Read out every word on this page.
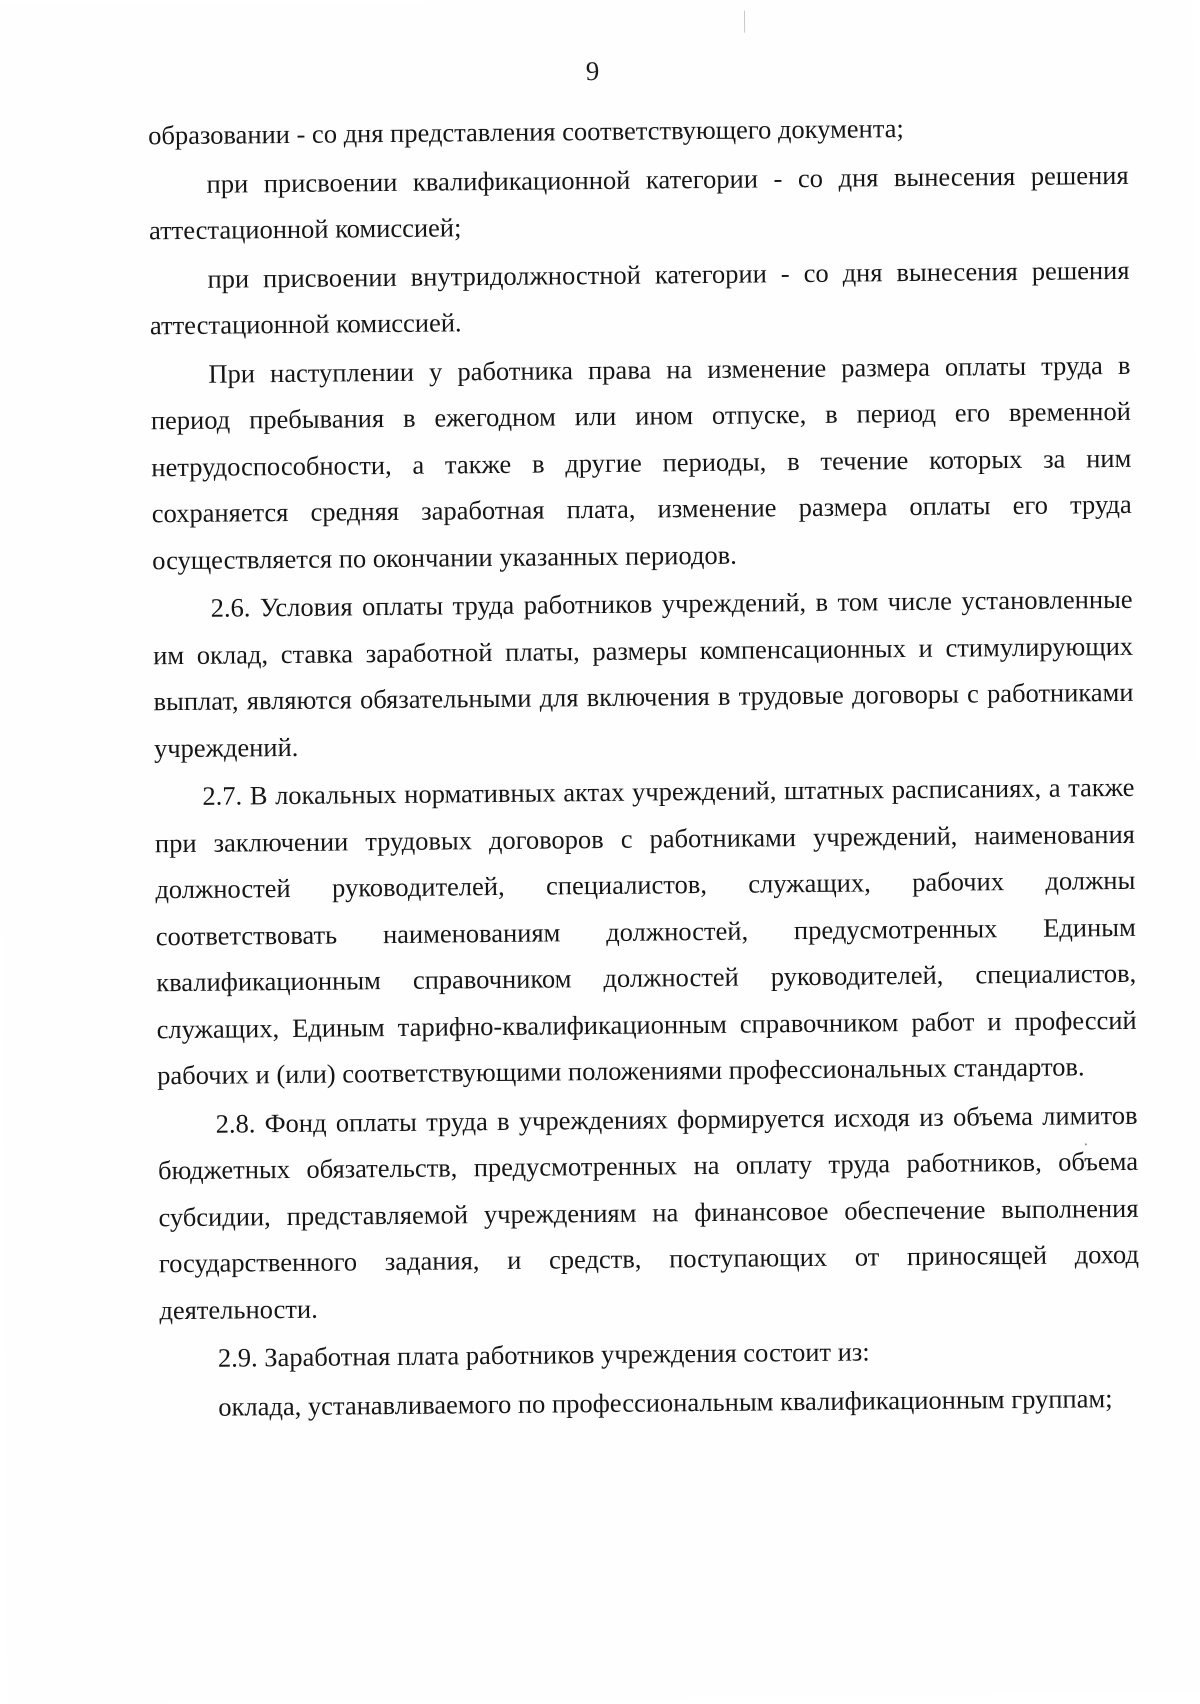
9

образовании - со дня представления соответствующего документа;

при присвоении квалификационной категории - со дня вынесения решения аттестационной комиссией;

при присвоении внутридолжностной категории - со дня вынесения решения аттестационной комиссией.

При наступлении у работника права на изменение размера оплаты труда в период пребывания в ежегодном или ином отпуске, в период его временной нетрудоспособности, а также в другие периоды, в течение которых за ним сохраняется средняя заработная плата, изменение размера оплаты его труда осуществляется по окончании указанных периодов.

2.6. Условия оплаты труда работников учреждений, в том числе установленные им оклад, ставка заработной платы, размеры компенсационных и стимулирующих выплат, являются обязательными для включения в трудовые договоры с работниками учреждений.

2.7. В локальных нормативных актах учреждений, штатных расписаниях, а также при заключении трудовых договоров с работниками учреждений, наименования должностей руководителей, специалистов, служащих, рабочих должны соответствовать наименованиям должностей, предусмотренных Единым квалификационным справочником должностей руководителей, специалистов, служащих, Единым тарифно-квалификационным справочником работ и профессий рабочих и (или) соответствующими положениями профессиональных стандартов.

2.8. Фонд оплаты труда в учреждениях формируется исходя из объема лимитов бюджетных обязательств, предусмотренных на оплату труда работников, объема субсидии, представляемой учреждениям на финансовое обеспечение выполнения государственного задания, и средств, поступающих от приносящей доход деятельности.

2.9. Заработная плата работников учреждения состоит из:

оклада, устанавливаемого по профессиональным квалификационным группам;
